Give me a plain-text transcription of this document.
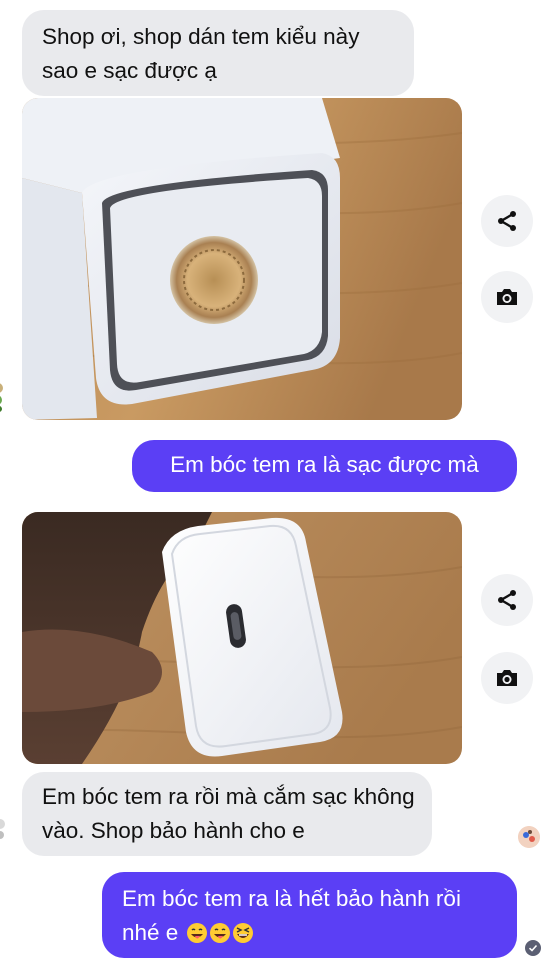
Shop ơi, shop dán tem kiểu này sao e sạc được ạ
Em bóc tem ra là sạc được mà
Em bóc tem ra rồi mà cắm sạc không vào. Shop bảo hành cho e
Em bóc tem ra là hết bảo hành rồi nhé e
